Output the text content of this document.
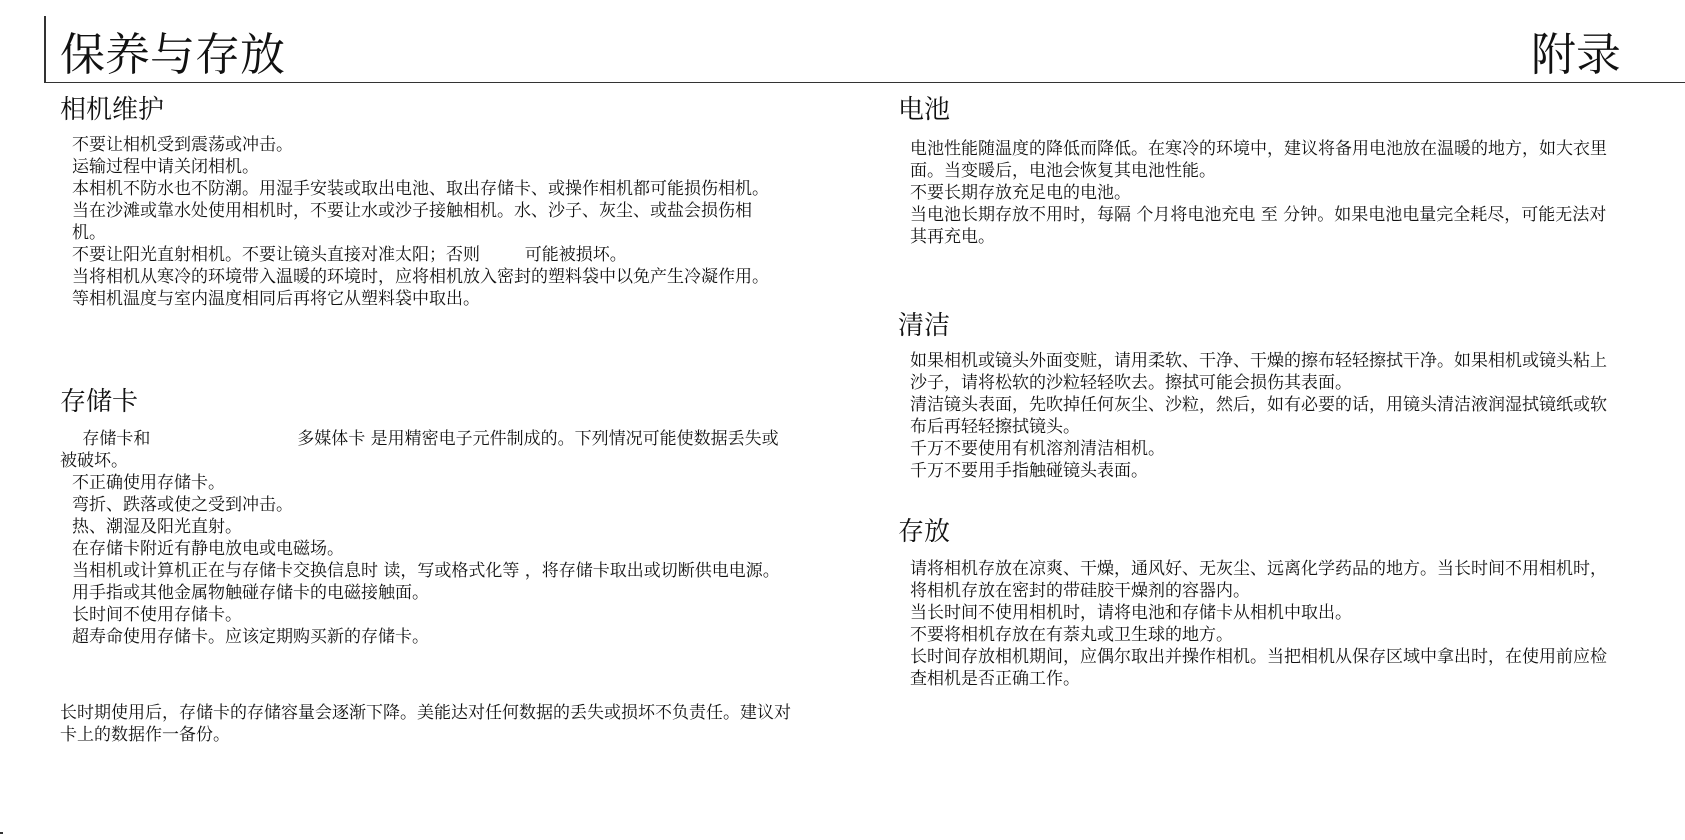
保养与存放	附录
相机维护

不要让相机受到震荡或冲击。

运输过程中请关闭相机。

本相机不防水也不防潮。用湿手安装或取出电池、取出存储卡、或操作相机都可能损伤相机。

当在沙滩或靠水处使用相机时，不要让水或沙子接触相机。水、沙子、灰尘、或盐会损伤相机。

不要让阳光直射相机。不要让镜头直接对准太阳；否则 　　 可能被损坏。

当将相机从寒冷的环境带入温暖的环境时，应将相机放入密封的塑料袋中以免产生冷凝作用。等相机温度与室内温度相同后再将它从塑料袋中取出。

存储卡
　 存储卡和 　　　　　　　　 多媒体卡 是用精密电子元件制成的。下列情况可能使数据丢失或被破坏。

不正确使用存储卡。

弯折、跌落或使之受到冲击。

热、潮湿及阳光直射。

在存储卡附近有静电放电或电磁场。

当相机或计算机正在与存储卡交换信息时 读，写或格式化等 ，将存储卡取出或切断供电电源。

用手指或其他金属物触碰存储卡的电磁接触面。

长时间不使用存储卡。

超寿命使用存储卡。应该定期购买新的存储卡。

长时期使用后，存储卡的存储容量会逐渐下降。美能达对任何数据的丢失或损坏不负责任。建议对卡上的数据作一备份。
电池

电池性能随温度的降低而降低。在寒冷的环境中，建议将备用电池放在温暖的地方，如大衣里面。当变暖后，电池会恢复其电池性能。

不要长期存放充足电的电池。

当电池长期存放不用时，每隔 个月将电池充电 至 分钟。如果电池电量完全耗尽，可能无法对其再充电。

清洁

如果相机或镜头外面变赃，请用柔软、干净、干燥的擦布轻轻擦拭干净。如果相机或镜头粘上沙子，请将松软的沙粒轻轻吹去。擦拭可能会损伤其表面。

清洁镜头表面，先吹掉任何灰尘、沙粒，然后，如有必要的话，用镜头清洁液润湿拭镜纸或软布后再轻轻擦拭镜头。

千万不要使用有机溶剂清洁相机。

千万不要用手指触碰镜头表面。

存放

请将相机存放在凉爽、干燥，通风好、无灰尘、远离化学药品的地方。当长时间不用相机时，将相机存放在密封的带硅胶干燥剂的容器内。

当长时间不使用相机时，请将电池和存储卡从相机中取出。

不要将相机存放在有萘丸或卫生球的地方。

长时间存放相机期间，应偶尔取出并操作相机。当把相机从保存区域中拿出时，在使用前应检查相机是否正确工作。
